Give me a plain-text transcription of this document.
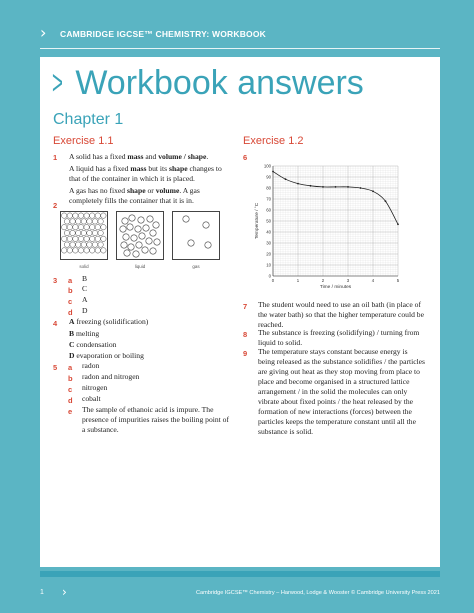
› CAMBRIDGE IGCSE™ CHEMISTRY: WORKBOOK
> Workbook answers
Chapter 1
Exercise 1.1
1 A solid has a fixed mass and volume / shape.
A liquid has a fixed mass but its shape changes to that of the container in which it is placed.
A gas has no fixed shape or volume. A gas completely fills the container that it is in.
2
solid	liquid	gas
3 a B
b C
c A
d D
4 A freezing (solidification)
B melting
C condensation
D evaporation or boiling
5 a radon
b radon and nitrogen
c nitrogen
d cobalt
e The sample of ethanoic acid is impure. The presence of impurities raises the boiling point of a substance.
Exercise 1.2
6
0
10
20
30
40
50
60
70
80
90
100
0	1	2	3	4	5
Temperature / °C
Time / minutes
7 The student would need to use an oil bath (in place of the water bath) so that the higher temperature could be reached.
8 The substance is freezing (solidifying) / turning from liquid to solid.
9 The temperature stays constant because energy is being released as the substance solidifies / the particles are giving out heat as they stop moving from place to place and become organised in a structured lattice arrangement / in the solid the molecules can only vibrate about fixed points / the heat released by the formation of new interactions (forces) between the particles keeps the temperature constant until all the substance is solid.
1 ›	Cambridge IGCSE™ Chemistry – Harwood, Lodge & Wooster © Cambridge University Press 2021
